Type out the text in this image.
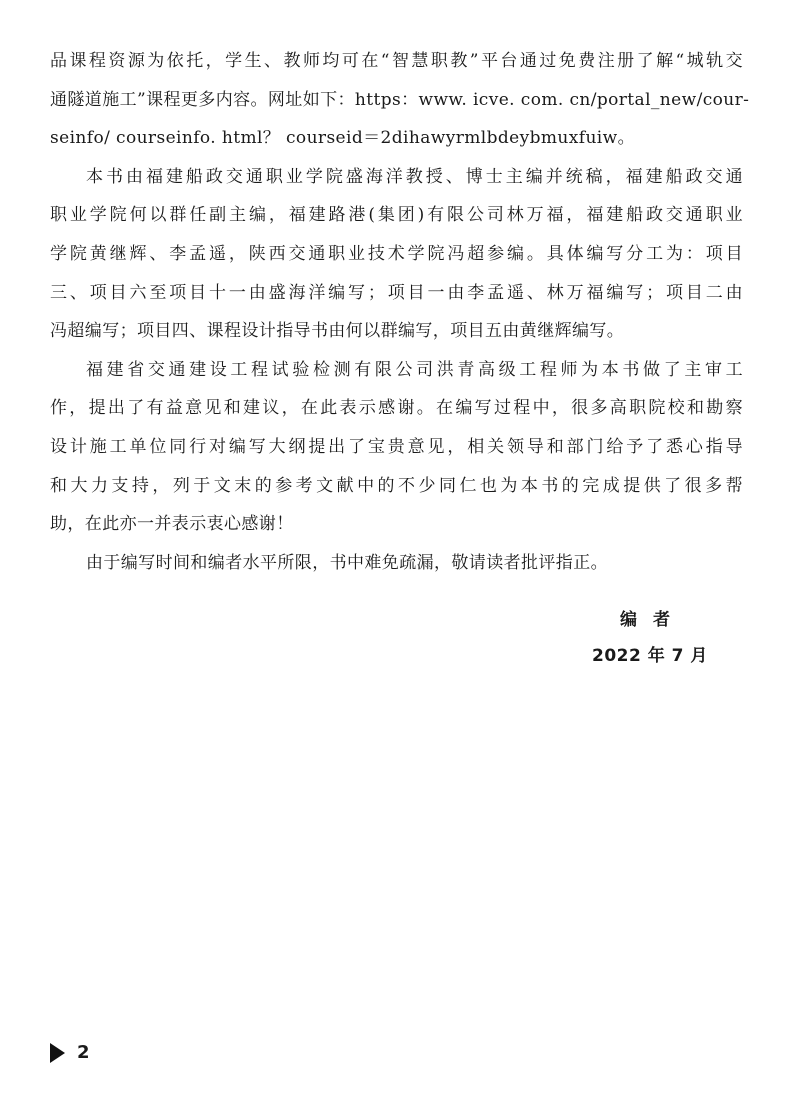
品课程资源为依托，学生、教师均可在“智慧职教”平台通过免费注册了解“城轨交
通隧道施工”课程更多内容。网址如下：https：www. icve. com. cn/portal_new/cour-
seinfo/ courseinfo. html？ courseid＝2dihawyrmlbdeybmuxfuiw。
本书由福建船政交通职业学院盛海洋教授、博士主编并统稿，福建船政交通
职业学院何以群任副主编，福建路港(集团)有限公司林万福，福建船政交通职业
学院黄继辉、李孟遥，陕西交通职业技术学院冯超参编。具体编写分工为：项目
三、项目六至项目十一由盛海洋编写；项目一由李孟遥、林万福编写；项目二由
冯超编写；项目四、课程设计指导书由何以群编写，项目五由黄继辉编写。
福建省交通建设工程试验检测有限公司洪青高级工程师为本书做了主审工
作，提出了有益意见和建议，在此表示感谢。在编写过程中，很多高职院校和勘察
设计施工单位同行对编写大纲提出了宝贵意见，相关领导和部门给予了悉心指导
和大力支持，列于文末的参考文献中的不少同仁也为本书的完成提供了很多帮
助，在此亦一并表示衷心感谢！
由于编写时间和编者水平所限，书中难免疏漏，敬请读者批评指正。
编者
2022 年 7 月
2
